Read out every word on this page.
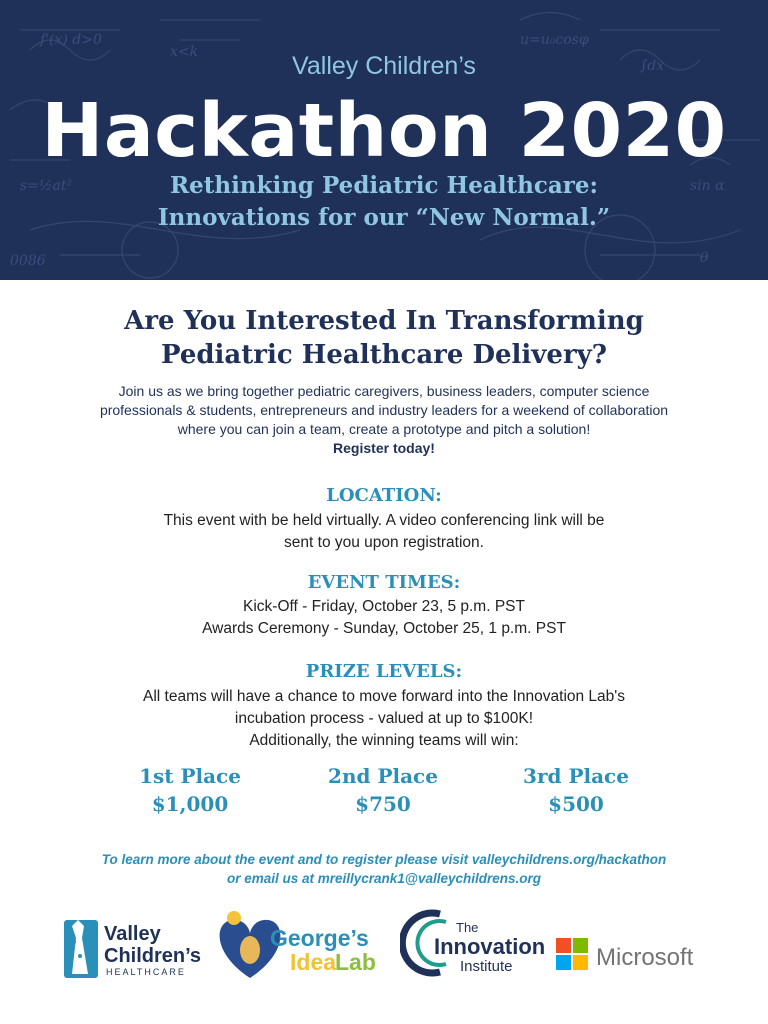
f'(x) d>0
x<k
u=u₀cosφ
∫dx
s=½at²	sin α
0086	θ
Valley Children’s
Hackathon 2020
Rethinking Pediatric Healthcare:
Innovations for our “New Normal.”
Are You Interested In Transforming
Pediatric Healthcare Delivery?
Join us as we bring together pediatric caregivers, business leaders, computer science
professionals & students, entrepreneurs and industry leaders for a weekend of collaboration
where you can join a team, create a prototype and pitch a solution!
Register today!
LOCATION:
This event with be held virtually. A video conferencing link will be
sent to you upon registration.
EVENT TIMES:
Kick-Off - Friday, October 23, 5 p.m. PST
Awards Ceremony - Sunday, October 25, 1 p.m. PST
PRIZE LEVELS:
All teams will have a chance to move forward into the Innovation Lab's
incubation process - valued at up to $100K!
Additionally, the winning teams will win:
1st Place
$1,000
2nd Place
$750
3rd Place
$500
To learn more about the event and to register please visit valleychildrens.org/hackathon
or email us at mreillycrank1@valleychildrens.org
Valley
Children’s
HEALTHCARE
George’s
Idea
Lab
The
Innovation
Institute	Microsoft
